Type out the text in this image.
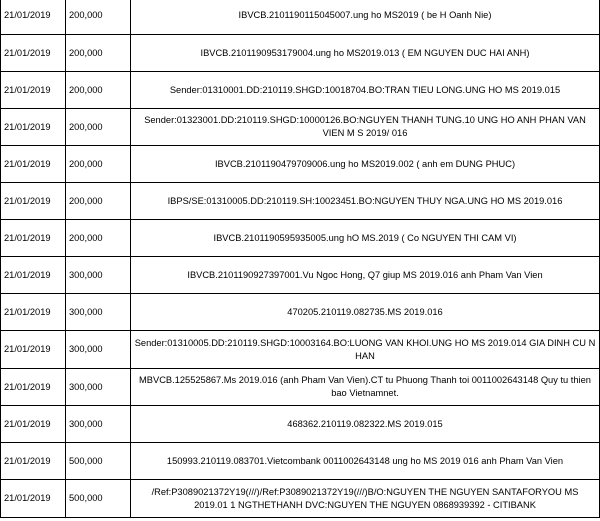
21/01/2019	200,000	IBVCB.2101190115045007.ung ho MS2019 ( be H Oanh Nie)
21/01/2019	200,000	IBVCB.2101190953179004.ung ho MS2019.013 ( EM NGUYEN DUC HAI ANH)
21/01/2019	200,000	Sender:01310001.DD:210119.SHGD:10018704.BO:TRAN TIEU LONG.UNG HO MS 2019.015
21/01/2019	200,000	Sender:01323001.DD:210119.SHGD:10000126.BO:NGUYEN THANH TUNG.10 UNG HO ANH PHAN VAN VIEN M S 2019/ 016
21/01/2019	200,000	IBVCB.2101190479709006.ung ho MS2019.002 ( anh em DUNG PHUC)
21/01/2019	200,000	IBPS/SE:01310005.DD:210119.SH:10023451.BO:NGUYEN THUY NGA.UNG HO MS 2019.016
21/01/2019	200,000	IBVCB.2101190595935005.ung hO MS.2019 ( Co NGUYEN THI CAM VI)
21/01/2019	300,000	IBVCB.2101190927397001.Vu Ngoc Hong, Q7 giup MS 2019.016 anh Pham Van Vien
21/01/2019	300,000	470205.210119.082735.MS 2019.016
21/01/2019	300,000	Sender:01310005.DD:210119.SHGD:10003164.BO:LUONG VAN KHOI.UNG HO MS 2019.014 GIA DINH CU N HAN
21/01/2019	300,000	MBVCB.125525867.Ms 2019.016 (anh Pham Van Vien).CT tu Phuong Thanh toi 0011002643148 Quy tu thien bao Vietnamnet.
21/01/2019	300,000	468362.210119.082322.MS 2019.015
21/01/2019	500,000	150993.210119.083701.Vietcombank 0011002643148 ung ho MS 2019 016 anh Pham Van Vien
21/01/2019	500,000	/Ref:P3089021372Y19(///)/Ref:P3089021372Y19(///)B/O:NGUYEN THE NGUYEN SANTAFORYOU MS 2019.01 1 NGTHETHANH DVC:NGUYEN THE NGUYEN 0868939392 - CITIBANK
